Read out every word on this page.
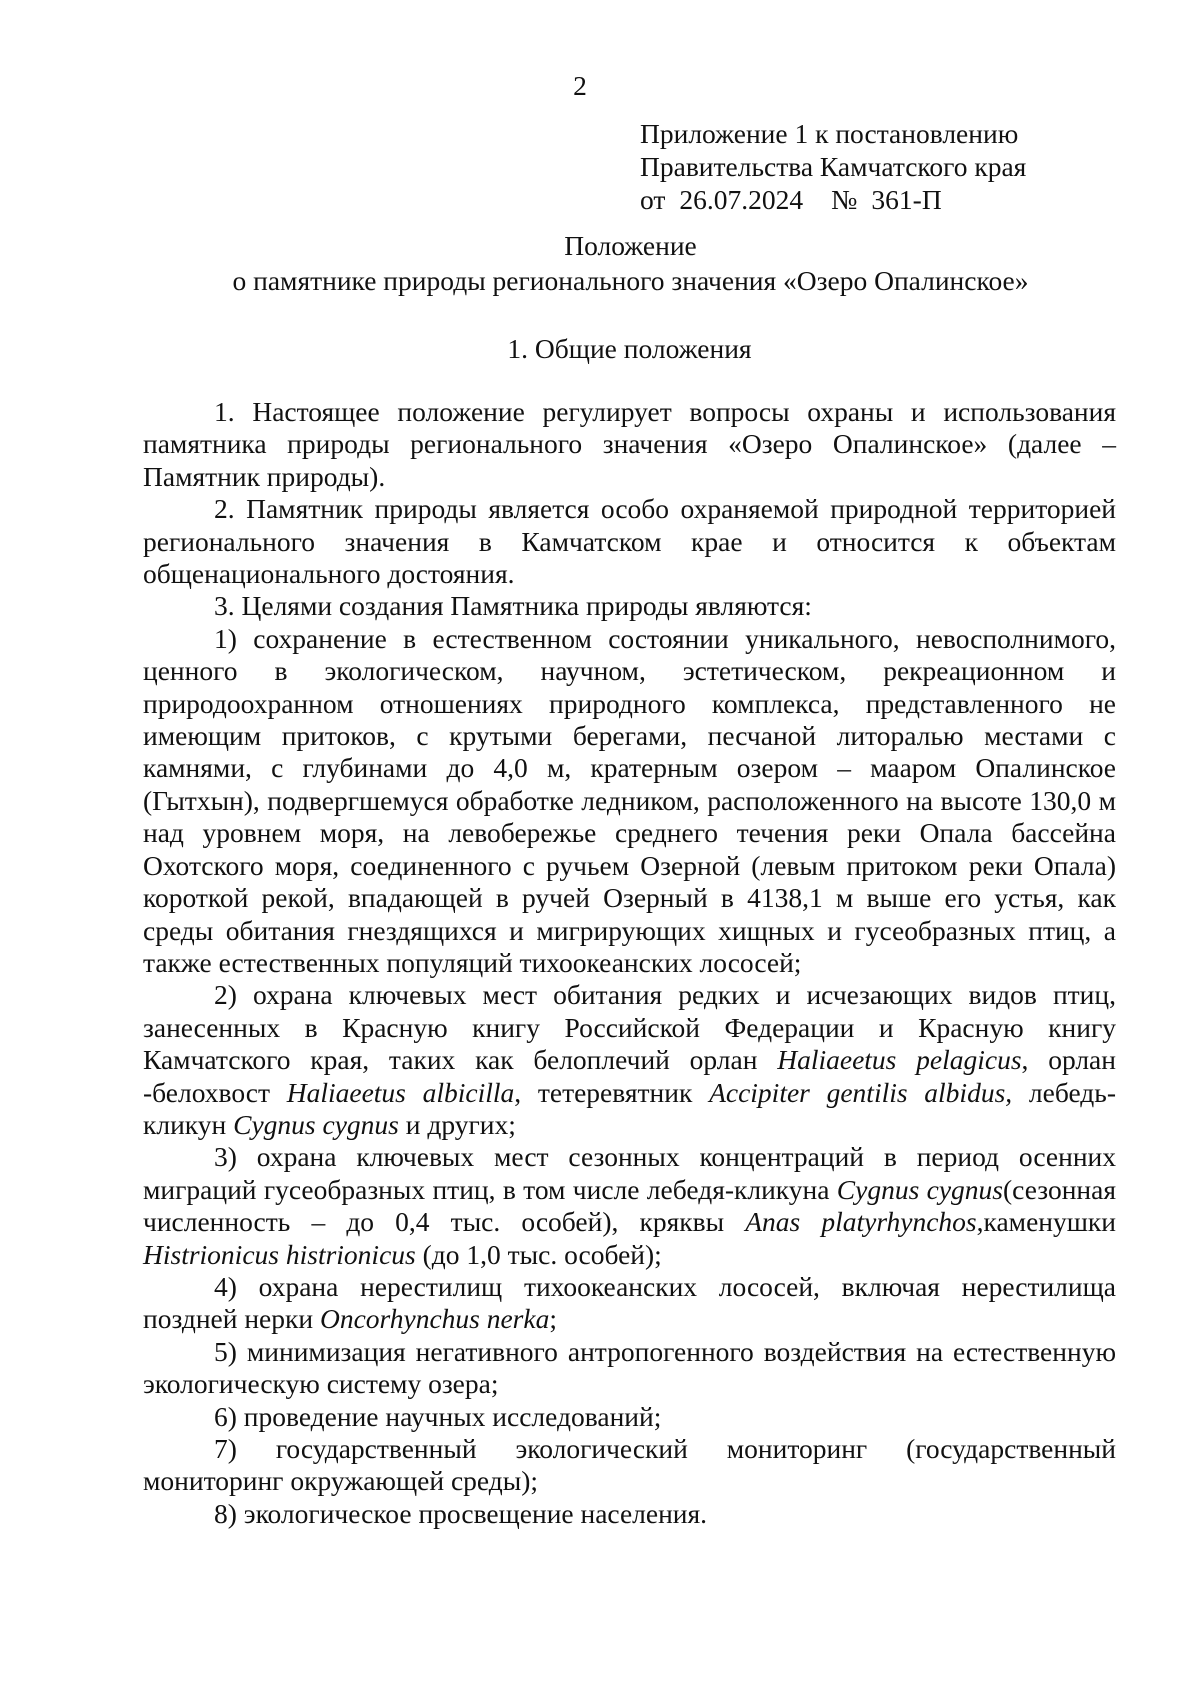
2
Приложение 1 к постановлению
Правительства Камчатского края
от 26.07.2024 № 361-П
Положение
о памятнике природы регионального значения «Озеро Опалинское»
1. Общие положения

1. Настоящее положение регулирует вопросы охраны и использования памятника природы регионального значения «Озеро Опалинское» (далее – Памятник природы).

2. Памятник природы является особо охраняемой природной территорией регионального значения в Камчатском крае и относится к объектам общенационального достояния.

3. Целями создания Памятника природы являются:

1) сохранение в естественном состоянии уникального, невосполнимого, ценного в экологическом, научном, эстетическом, рекреационном и природоохранном отношениях природного комплекса, представленного не имеющим притоков, с крутыми берегами, песчаной литоралью местами с камнями, с глубинами до 4,0 м, кратерным озером – мааром Опалинское (Гытхын), подвергшемуся обработке ледником, расположенного на высоте 130,0 м над уровнем моря, на левобережье среднего течения реки Опала бассейна Охотского моря, соединенного с ручьем Озерной (левым притоком реки Опала) короткой рекой, впадающей в ручей Озерный в 4138,1 м выше его устья, как среды обитания гнездящихся и мигрирующих хищных и гусеобразных птиц, а также естественных популяций тихоокеанских лососей;

2) охрана ключевых мест обитания редких и исчезающих видов птиц, занесенных в Красную книгу Российской Федерации и Красную книгу Камчатского края, таких как белоплечий орлан Haliaeetus pelagicus, орлан -белохвост Haliaeetus albicilla, тетеревятник Accipiter gentilis albidus, лебедь-кликун Cygnus cygnus и других;

3) охрана ключевых мест сезонных концентраций в период осенних миграций гусеобразных птиц, в том числе лебедя-кликуна Cygnus cygnus(сезонная численность – до 0,4 тыс. особей), кряквы Anas platyrhynchos,каменушки Histrionicus histrionicus (до 1,0 тыс. особей);

4) охрана нерестилищ тихоокеанских лососей, включая нерестилища поздней нерки Oncorhynchus nerka;

5) минимизация негативного антропогенного воздействия на естественную экологическую систему озера;

6) проведение научных исследований;

7) государственный экологический мониторинг (государственный мониторинг окружающей среды);

8) экологическое просвещение населения.
